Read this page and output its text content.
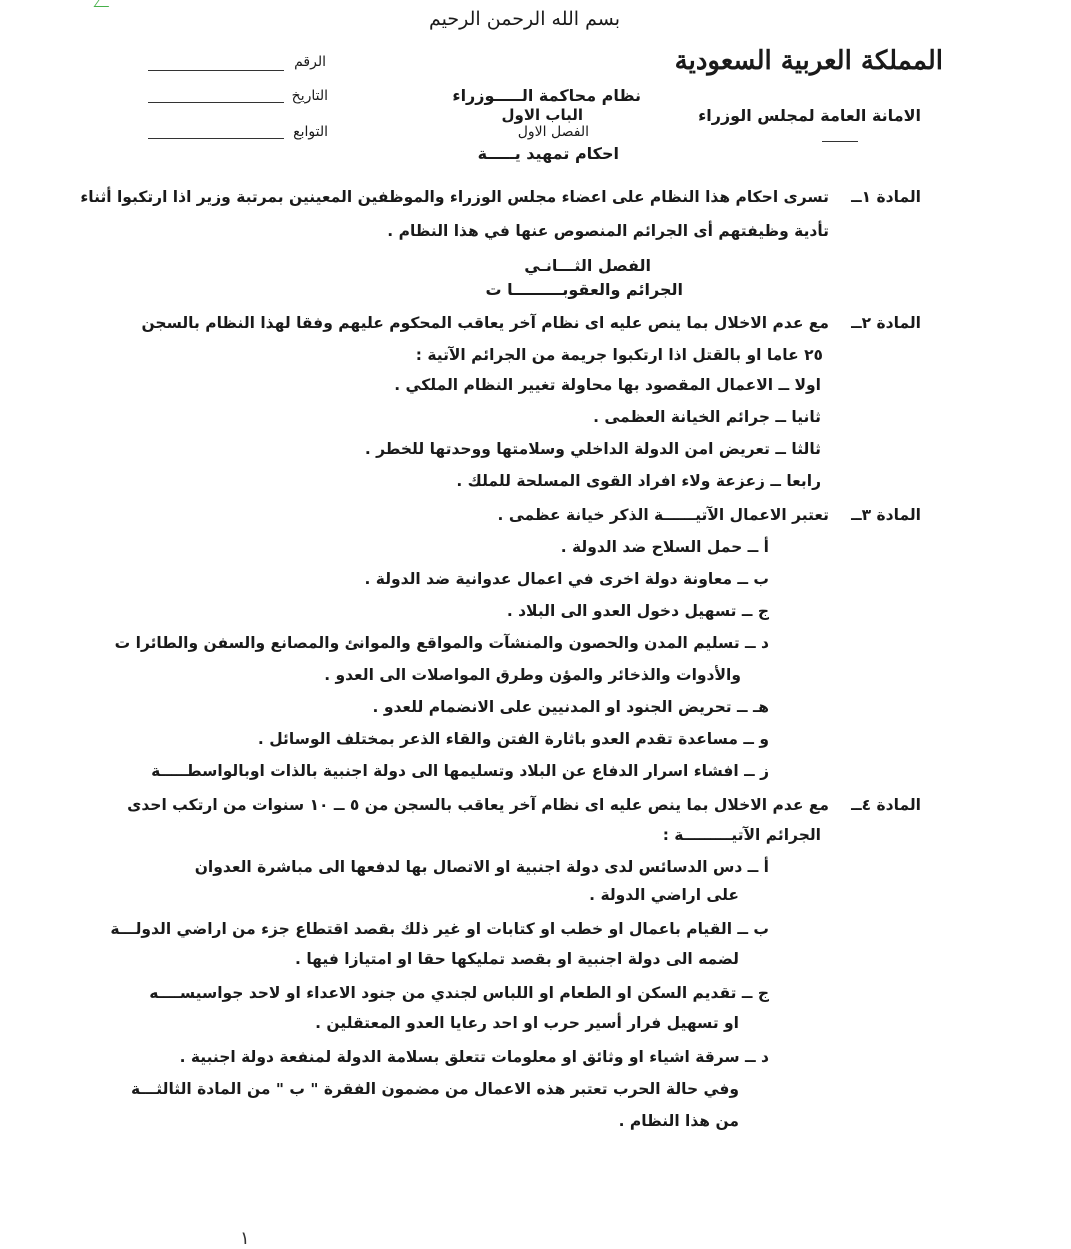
بسم الله الرحمن الرحيم
المملكة العربية السعودية
الامانة العامة لمجلس الوزراء
الرقم
التاريخ
التوابع
نظام محاكمة الـــــوزراء
الباب الاول
الفصل الاول
احكام تمهيد يـــــة
المادة ١ــ
تسرى احكام هذا النظام على اعضاء مجلس الوزراء والموظفين المعينين بمرتبة وزير اذا ارتكبوا أثناء
تأدية وظيفتهم أى الجرائم المنصوص عنها في هذا النظام .
الفصل الثـــانـي
الجرائم والعقوبـــــــــا ت
المادة ٢ــ
مع عدم الاخلال بما ينص عليه اى نظام آخر يعاقب المحكوم عليهم وفقا لهذا النظام بالسجن
٢٥ عاما او بالقتل اذا ارتكبوا جريمة من الجرائم الآتية :
اولا ــ الاعمال المقصود بها محاولة تغيير النظام الملكي .
ثانيا ــ جرائم الخيانة العظمى .
ثالثا ــ تعريض امن الدولة الداخلي وسلامتها ووحدتها للخطر .
رابعا ــ زعزعة ولاء افراد القوى المسلحة للملك .
المادة ٣ــ
تعتبر الاعمال الآتيــــــة الذكر خيانة عظمى .
أ ــ حمل السلاح ضد الدولة .
ب ــ معاونة دولة اخرى في اعمال عدوانية ضد الدولة .
ج ــ تسهيل دخول العدو الى البلاد .
د ــ تسليم المدن والحصون والمنشآت والمواقع والموانئ والمصانع والسفن والطائرا ت
والأدوات والذخائر والمؤن وطرق المواصلات الى العدو .
هـ ــ تحريض الجنود او المدنيين على الانضمام للعدو .
و ــ مساعدة تقدم العدو باثارة الفتن والقاء الذعر بمختلف الوسائل .
ز ــ افشاء اسرار الدفاع عن البلاد وتسليمها الى دولة اجنبية بالذات اوبالواسطـــــة
المادة ٤ــ
مع عدم الاخلال بما ينص عليه اى نظام آخر يعاقب بالسجن من ٥ ــ ١٠ سنوات من ارتكب احدى
الجرائم الآتيـــــــــة :
أ ــ دس الدسائس لدى دولة اجنبية او الاتصال بها لدفعها الى مباشرة العدوان
على اراضي الدولة .
ب ــ القيام باعمال او خطب او كتابات او غير ذلك بقصد اقتطاع جزء من اراضي الدولـــة
لضمه الى دولة اجنبية او بقصد تمليكها حقا او امتيازا فيها .
ج ــ تقديم السكن او الطعام او اللباس لجندي من جنود الاعداء او لاحد جواسيســــه
او تسهيل فرار أسير حرب او احد رعايا العدو المعتقلين .
د ــ سرقة اشياء او وثائق او معلومات تتعلق بسلامة الدولة لمنفعة دولة اجنبية .
وفي حالة الحرب تعتبر هذه الاعمال من مضمون الفقرة " ب " من المادة الثالثـــة
من هذا النظام .
١
